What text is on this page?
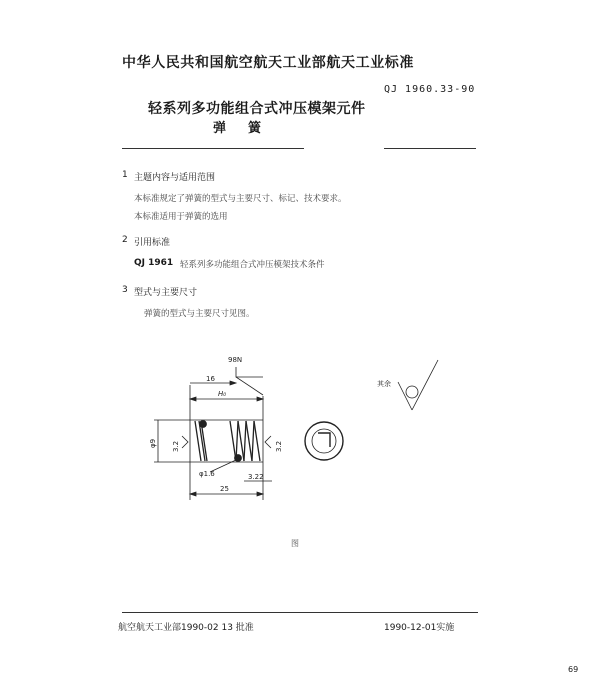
中华人民共和国航空航天工业部航天工业标准
QJ 1960.33-90
轻系列多功能组合式冲压模架元件
弹簧
1 主题内容与适用范围
本标准规定了弹簧的型式与主要尺寸、标记、技术要求。
本标准适用于弹簧的选用
2 引用标准
QJ 1961 轻系列多功能组合式冲压模架技术条件
3 型式与主要尺寸
弹簧的型式与主要尺寸见图。
98N
16
H₀
φ9 3.2	3.2
φ1.6	3.22
25
其余
图
航空航天工业部1990-02 13 批准	1990-12-01实施
69
